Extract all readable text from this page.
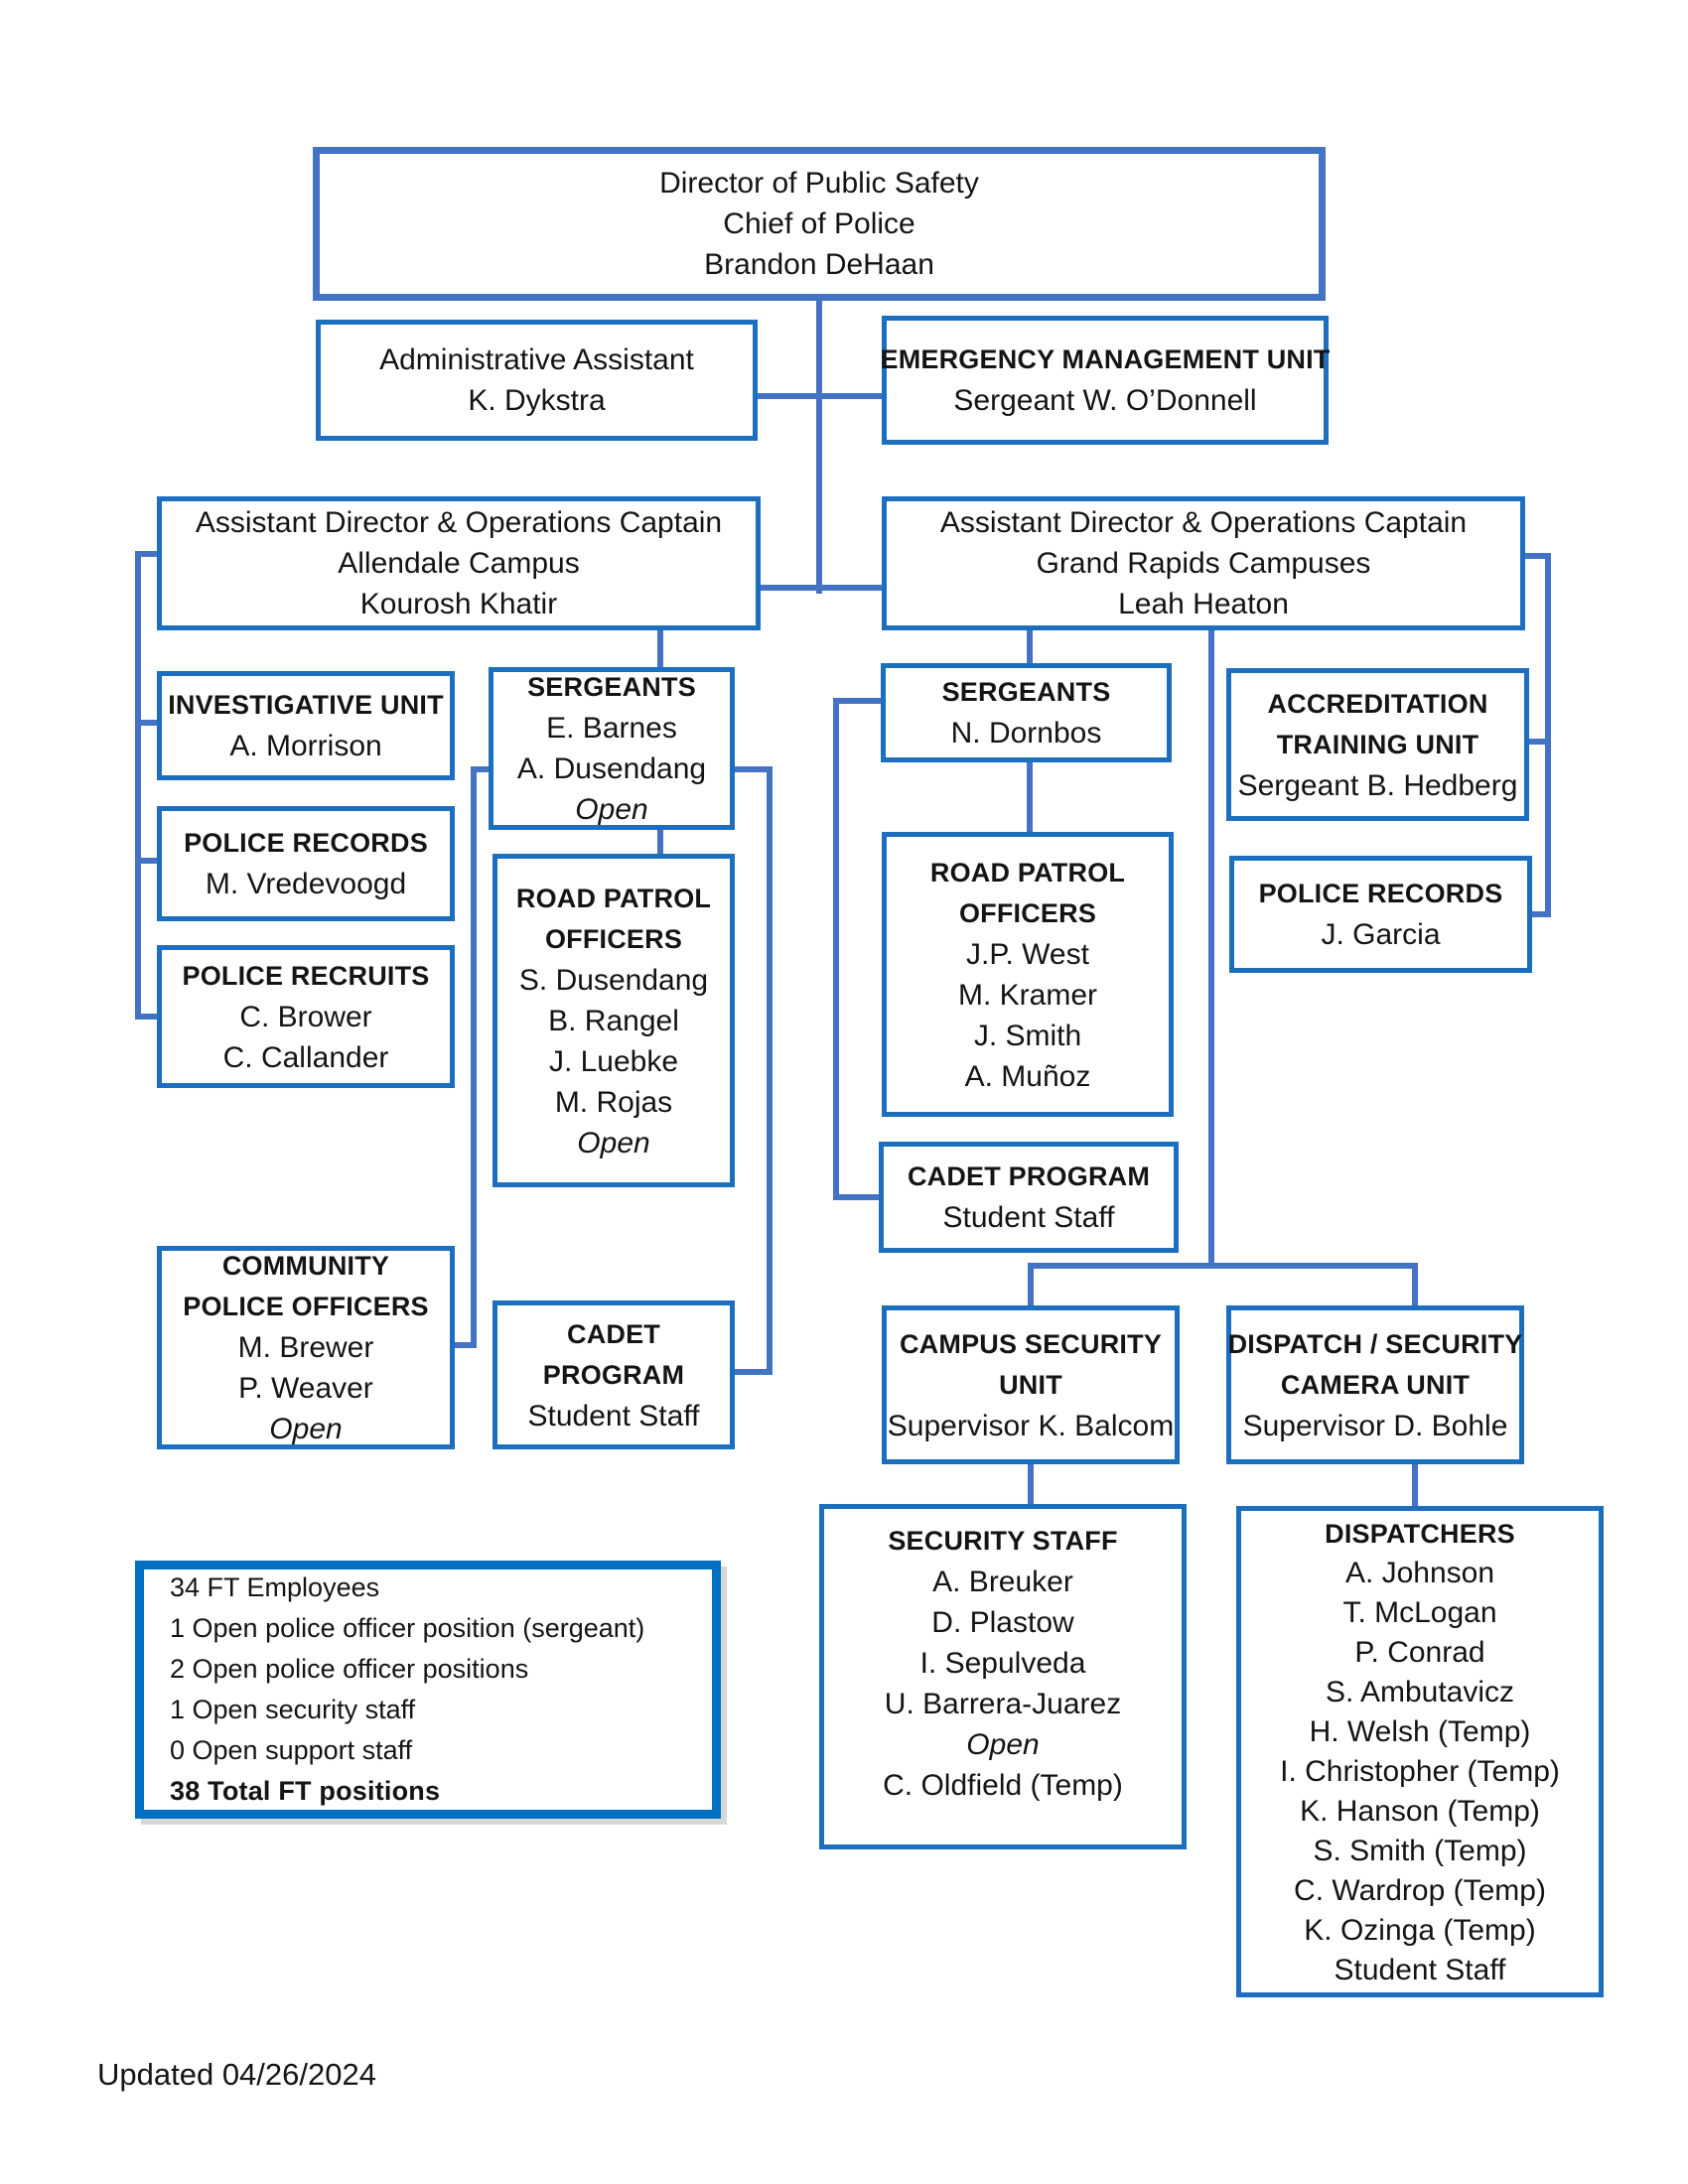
Director of Public Safety
Chief of Police
Brandon DeHaan
Administrative Assistant
K. Dykstra
EMERGENCY MANAGEMENT UNIT
Sergeant W. O’Donnell
Assistant Director & Operations Captain
Allendale Campus
Kourosh Khatir
Assistant Director & Operations Captain
Grand Rapids Campuses
Leah Heaton
INVESTIGATIVE UNIT
A. Morrison
POLICE RECORDS
M. Vredevoogd
POLICE RECRUITS
C. Brower
C. Callander
SERGEANTS
E. Barnes
A. Dusendang
Open
ROAD PATROL
OFFICERS
S. Dusendang
B. Rangel
J. Luebke
M. Rojas
Open
COMMUNITY
POLICE OFFICERS
M. Brewer
P. Weaver
Open
CADET
PROGRAM
Student Staff
SERGEANTS
N. Dornbos
ACCREDITATION
TRAINING UNIT
Sergeant B. Hedberg
POLICE RECORDS
J. Garcia
ROAD PATROL
OFFICERS
J.P. West
M. Kramer
J. Smith
A. Muñoz
CADET PROGRAM
Student Staff
CAMPUS SECURITY
UNIT
Supervisor K. Balcom
DISPATCH / SECURITY
CAMERA UNIT
Supervisor D. Bohle
SECURITY STAFF
A. Breuker
D. Plastow
I. Sepulveda
U. Barrera-Juarez
Open
C. Oldfield (Temp)
DISPATCHERS
A. Johnson
T. McLogan
P. Conrad
S. Ambutavicz
H. Welsh (Temp)
I. Christopher (Temp)
K. Hanson (Temp)
S. Smith (Temp)
C. Wardrop (Temp)
K. Ozinga (Temp)
Student Staff
34 FT Employees
1 Open police officer position (sergeant)
2 Open police officer positions
1 Open security staff
0 Open support staff
38 Total FT positions
Updated 04/26/2024
